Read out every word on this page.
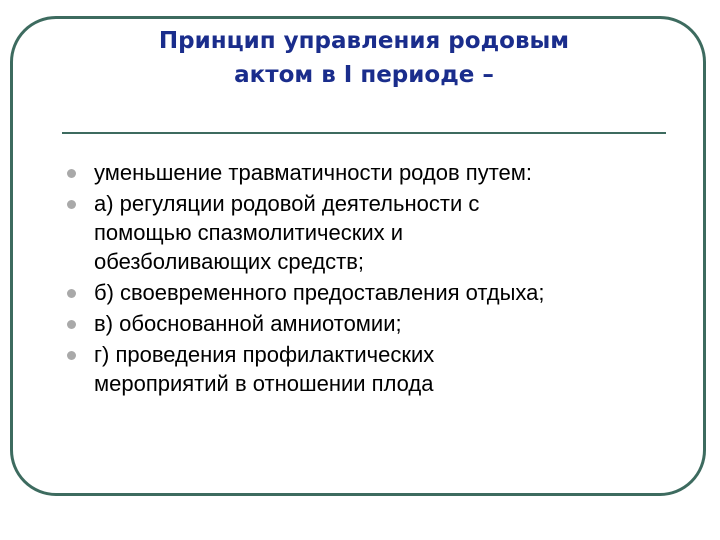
Принцип управления родовым
актом в I периоде –
уменьшение травматичности родов путем:
а) регуляции родовой деятельности с
помощью спазмолитических и
обезболивающих средств;
б) своевременного предоставления отдыха;
в) обоснованной амниотомии;
г) проведения профилактических
мероприятий в отношении плода
